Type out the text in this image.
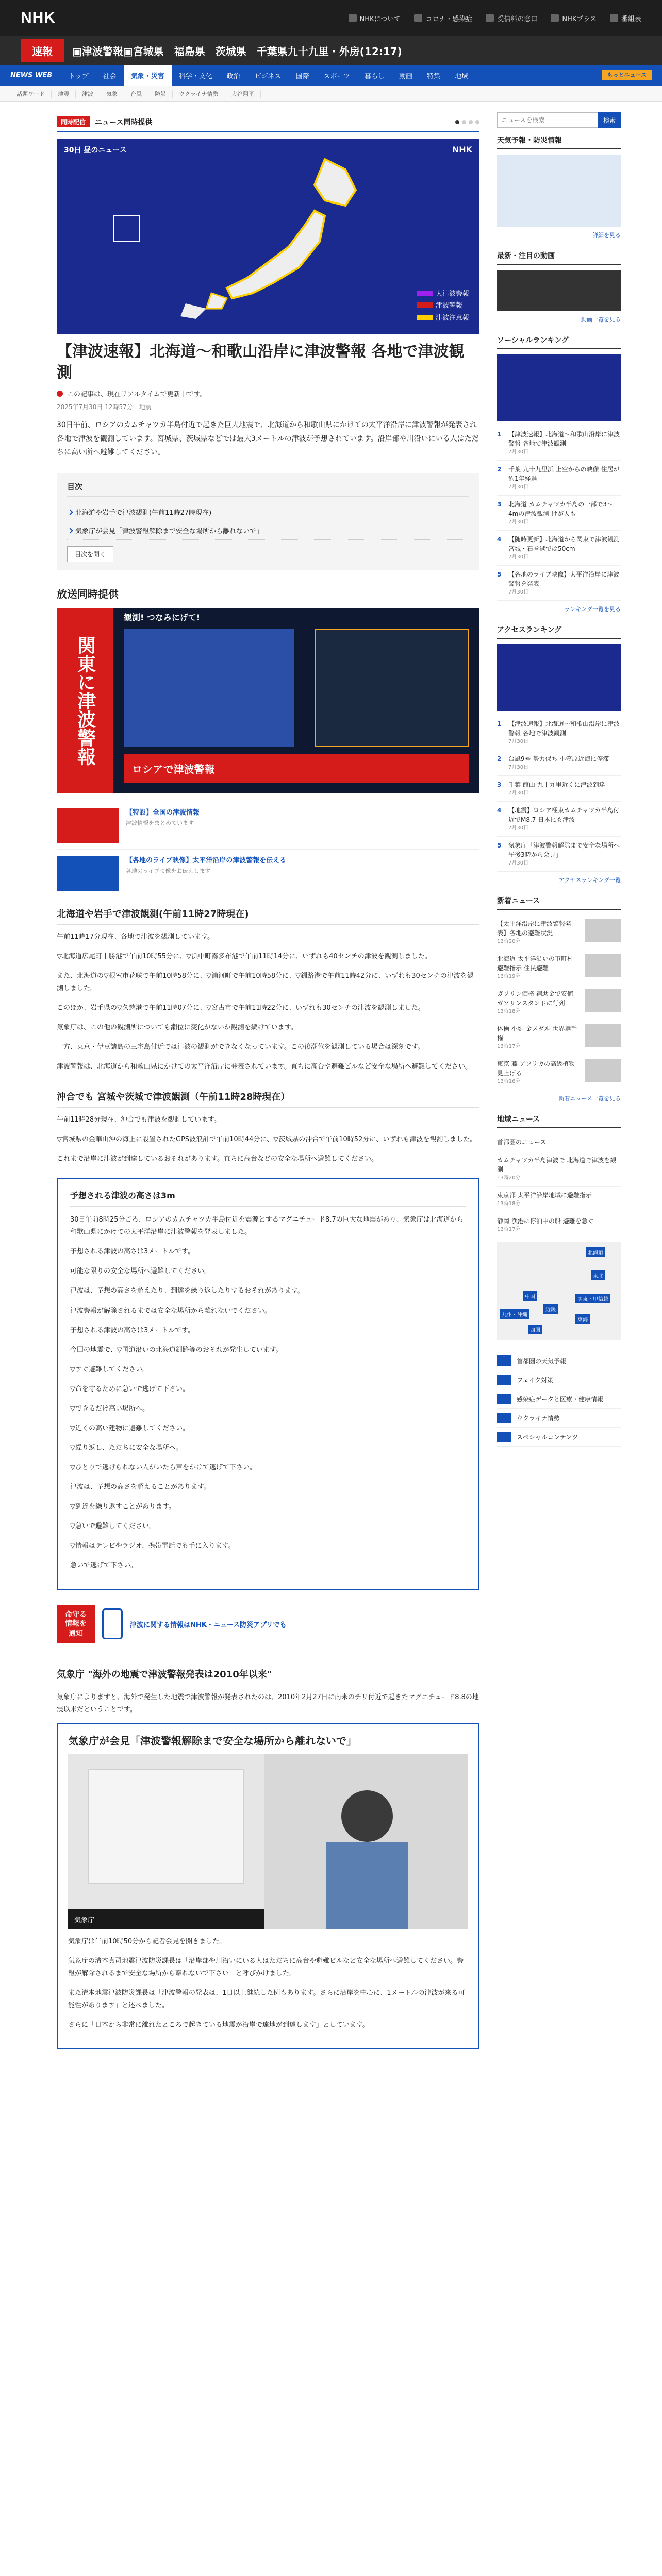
NHK	NHKについて	コロナ・感染症	受信料の窓口	NHKプラス	番組表
速報	▣津波警報▣宮城県　福島県　茨城県　千葉県九十九里・外房(12:17)
NEWS WEB	トップ	社会	気象・災害	科学・文化	政治	ビジネス	国際	スポーツ	暮らし	動画	特集	地域	もっとニュース
話題ワード	地震	津波	気象	台風	防災	ウクライナ情勢	大谷翔平
同時配信	ニュース同時提供
30日 昼のニュース	NHK
大津波警報
津波警報
津波注意報
【津波速報】北海道〜和歌山沿岸に津波警報 各地で津波観測
この記事は、現在リアルタイムで更新中です。
2025年7月30日 12時57分　地震

30日午前、ロシアのカムチャツカ半島付近で起きた巨大地震で、北海道から和歌山県にかけての太平洋沿岸に津波警報が発表され各地で津波を観測しています。宮城県、茨城県などでは最大3メートルの津波が予想されています。沿岸部や川沿いにいる人はただちに高い所へ避難してください。

目次
北海道や岩手で津波観測(午前11時27時現在)
気象庁が会見「津波警報解除まで安全な場所から離れないで」
目次を開く
放送同時提供
関東に津波警報
観測! つなみにげて!
ロシアで津波警報
【特設】全国の津波情報
津波情報をまとめています
【各地のライブ映像】太平洋沿岸の津波警報を伝える
各地のライブ映像をお伝えします
北海道や岩手で津波観測(午前11時27時現在)

午前11時17分現在、各地で津波を観測しています。

▽北海道広尾町十勝港で午前10時55分に、▽浜中町霧多布港で午前11時14分に、いずれも40センチの津波を観測しました。

また、北海道の▽根室市花咲で午前10時58分に、▽浦河町で午前10時58分に、▽釧路港で午前11時42分に、いずれも30センチの津波を観測しました。

このほか、岩手県の▽久慈港で午前11時07分に、▽宮古市で午前11時22分に、いずれも30センチの津波を観測しました。

気象庁は、この他の観測所についても潮位に変化がないか観測を続けています。

一方、東京・伊豆諸島の三宅島付近では津波の観測ができなくなっています。この後潮位を観測している場合は深刻です。

津波警報は、北海道から和歌山県にかけての太平洋沿岸に発表されています。直ちに高台や避難ビルなど安全な場所へ避難してください。

沖合でも 宮城や茨城で津波観測（午前11時28時現在）

午前11時28分現在、沖合でも津波を観測しています。

▽宮城県の金華山沖の海上に設置されたGPS波浪計で午前10時44分に、▽茨城県の沖合で午前10時52分に、いずれも津波を観測しました。

これまで沿岸に津波が到達しているおそれがあります。直ちに高台などの安全な場所へ避難してください。

予想される津波の高さは3m

30日午前8時25分ごろ、ロシアのカムチャツカ半島付近を震源とするマグニチュード8.7の巨大な地震があり、気象庁は北海道から和歌山県にかけての太平洋沿岸に津波警報を発表しました。

予想される津波の高さは3メートルです。

可能な限りの安全な場所へ避難してください。

津波は、予想の高さを超えたり、到達を繰り返したりするおそれがあります。

津波警報が解除されるまでは安全な場所から離れないでください。

予想される津波の高さは3メートルです。

今回の地震で、▽国道沿いの北海道釧路等のおそれが発生しています。

▽すぐ避難してください。

▽命を守るために急いで逃げて下さい。

▽できるだけ高い場所へ。

▽近くの高い建物に避難してください。

▽繰り返し、ただちに安全な場所へ。

▽ひとりで逃げられない人がいたら声をかけて逃げて下さい。

津波は、予想の高さを超えることがあります。

▽到達を繰り返すことがあります。

▽急いで避難してください。

▽情報はテレビやラジオ、携帯電話でも手に入ります。

急いで逃げて下さい。

命守る情報を通知
津波に関する情報はNHK・ニュース防災アプリでも
気象庁 "海外の地震で津波警報発表は2010年以来"

気象庁によりますと、海外で発生した地震で津波警報が発表されたのは、2010年2月27日に南米のチリ付近で起きたマグニチュード8.8の地震以来だということです。

気象庁が会見「津波警報解除まで安全な場所から離れないで」
気象庁

気象庁は午前10時50分から記者会見を開きました。

気象庁の清本真司地震津波防災課長は「沿岸部や川沿いにいる人はただちに高台や避難ビルなど安全な場所へ避難してください。警報が解除されるまで安全な場所から離れないで下さい」と呼びかけました。

また清本地震津波防災課長は「津波警報の発表は、1日以上継続した例もあります。さらに沿岸を中心に、1メートルの津波が来る可能性があります」と述べました。

さらに「日本から非常に離れたところで起きている地震が沿岸で遠地が到達します」としています。

ニュースを検索
検索
天気予報・防災情報
詳細を見る
最新・注目の動画
動画一覧を見る
ソーシャルランキング
1	【津波速報】北海道〜和歌山沿岸に津波警報 各地で津波観測
7月30日
2	千葉 九十九里浜 上空からの映像 住居が約1年経過
7月30日
3	北海道 カムチャツカ半島の一部で3〜4mの津波観測 けが人も
7月30日
4	【随時更新】北海道から関東で津波観測 宮城・石巻港では50cm
7月30日
5	【各地のライブ映像】太平洋沿岸に津波警報を発表
7月30日
ランキング一覧を見る
アクセスランキング
1	【津波速報】北海道〜和歌山沿岸に津波警報 各地で津波観測
7月30日
2	台風9号 勢力保ち 小笠原近海に停滞
7月30日
3	千葉 館山 九十九里近くに津波到達
7月30日
4	【地震】ロシア極東カムチャツカ半島付近でM8.7 日本にも津波
7月30日
5	気象庁「津波警報解除まで安全な場所へ 午後3時から会見」
7月30日
アクセスランキング一覧
新着ニュース
【太平洋沿岸に津波警報発表】各地の避難状況
13時20分
北海道 太平洋沿いの市町村 避難指示 住民避難
13時19分
ガソリン価格 補助金で安値 ガソリンスタンドに行列
13時18分
体操 小堀 金メダル 世界選手権
13時17分
東京 藤 アフリカの高級植物見上げる
13時16分
新着ニュース一覧を見る
地域ニュース
首都圏のニュース
カムチャツカ半島津波で 北海道で津波を観測
13時20分
東京都 太平洋沿岸地域に避難指示
13時18分
静岡 漁港に停泊中の船 避難を急ぐ
13時17分
北海道
東北
関東・甲信越
東海
近畿
中国
四国
九州・沖縄
首都圏の天気予報
フェイク対策
感染症データと医療・健康情報
ウクライナ情勢
スペシャルコンテンツ
